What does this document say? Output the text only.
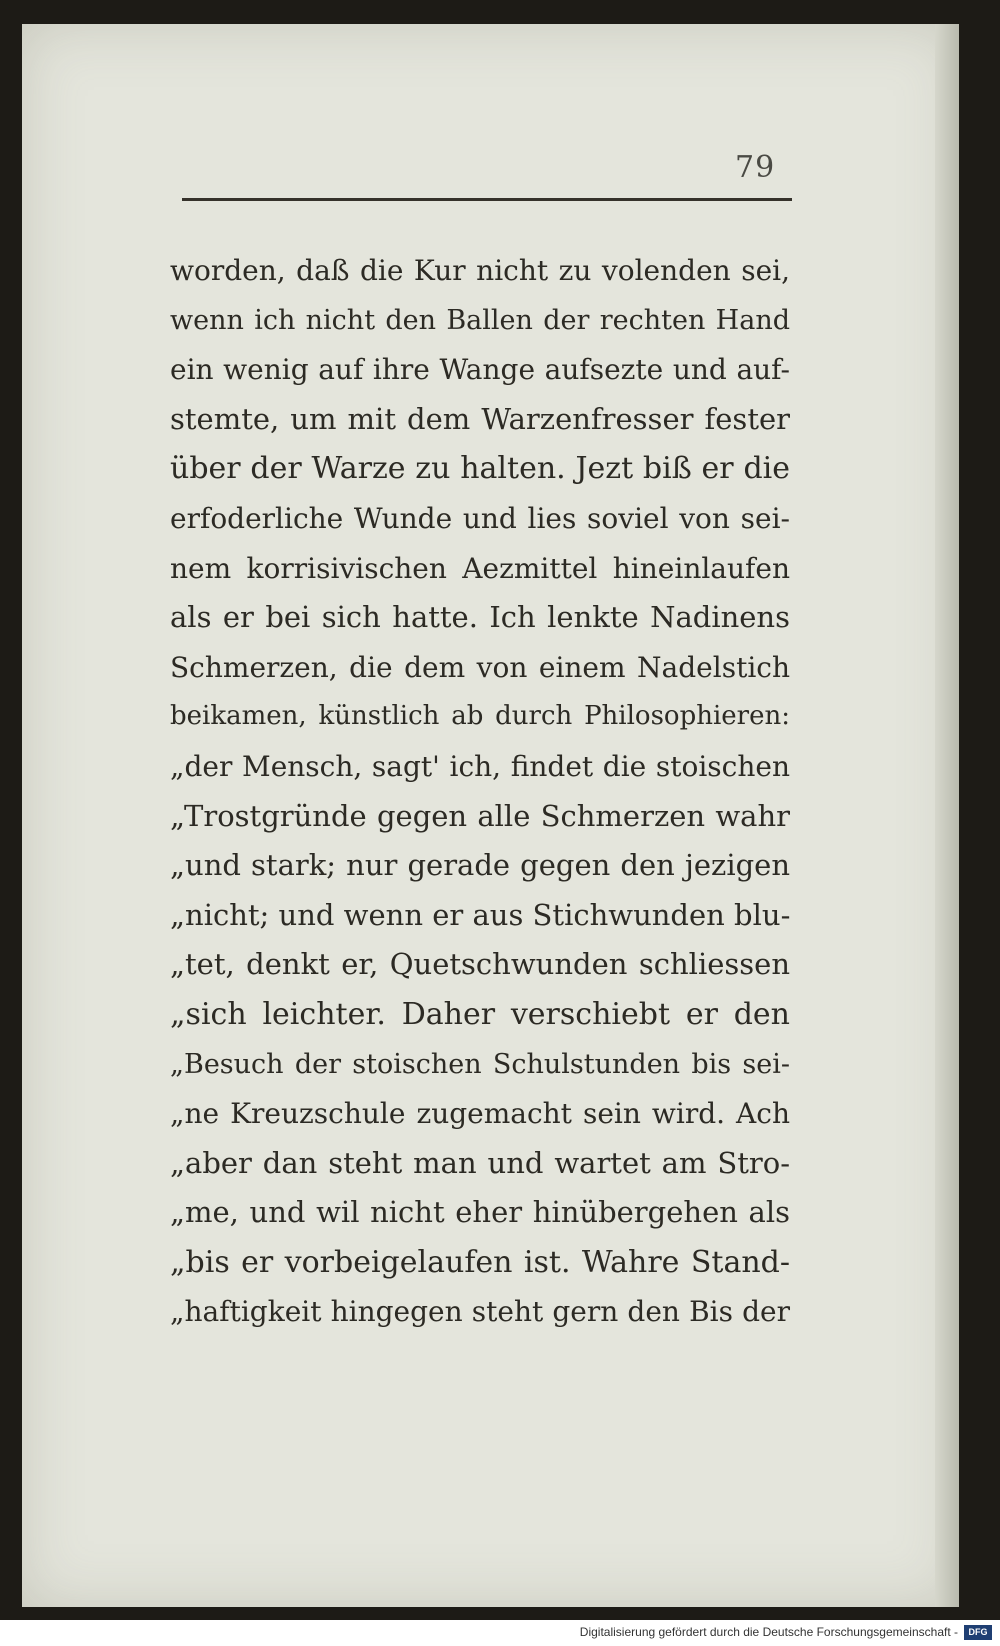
79
worden, daß die Kur nicht zu volenden sei,
wenn ich nicht den Ballen der rechten Hand
ein wenig auf ihre Wange aufsezte und auf-
stemte, um mit dem Warzenfresser fester
über der Warze zu halten. Jezt biß er die
erfoderliche Wunde und lies soviel von sei-
nem korrisivischen Aezmittel hineinlaufen
als er bei sich hatte. Ich lenkte Nadinens
Schmerzen, die dem von einem Nadelstich
beikamen, künstlich ab durch Philosophieren:
„der Mensch, sagt' ich, findet die stoischen
„Trostgründe gegen alle Schmerzen wahr
„und stark; nur gerade gegen den jezigen
„nicht; und wenn er aus Stichwunden blu-
„tet, denkt er, Quetschwunden schliessen
„sich leichter. Daher verschiebt er den
„Besuch der stoischen Schulstunden bis sei-
„ne Kreuzschule zugemacht sein wird. Ach
„aber dan steht man und wartet am Stro-
„me, und wil nicht eher hinübergehen als
„bis er vorbeigelaufen ist. Wahre Stand-
„haftigkeit hingegen steht gern den Bis der
Digitalisierung gefördert durch die Deutsche Forschungsgemeinschaft -	DFG
